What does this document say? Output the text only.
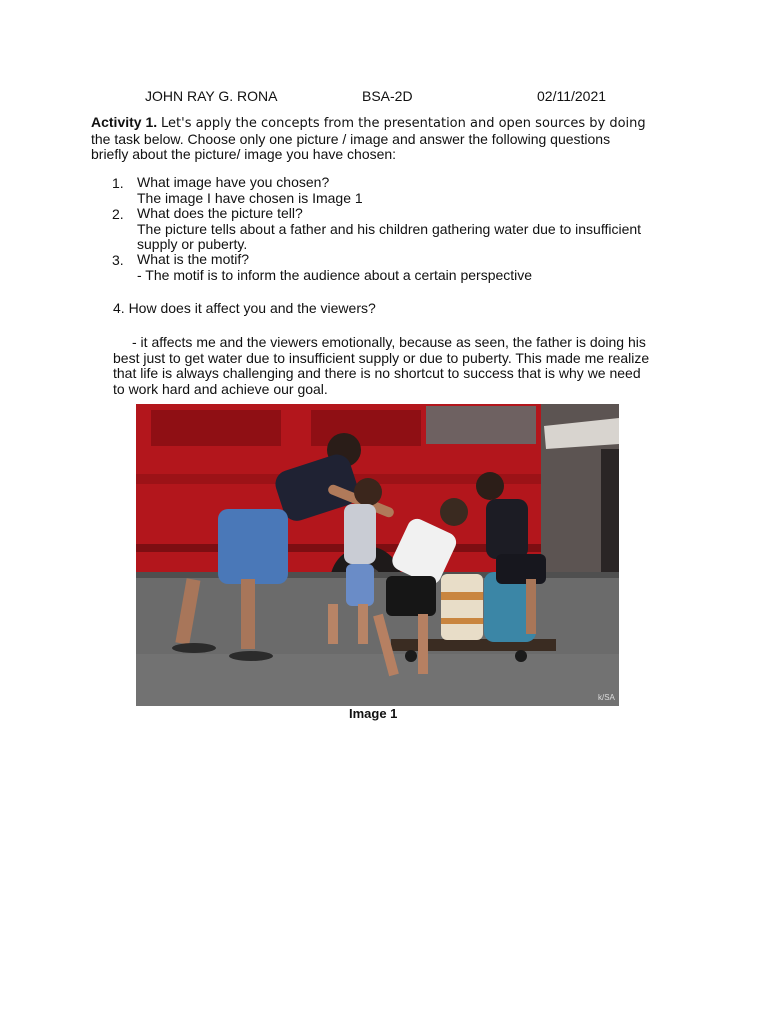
JOHN RAY G. RONA	BSA-2D	02/11/2021
Activity 1. Let's apply the concepts from the presentation and open sources by doing
the task below. Choose only one picture / image and answer the following questions
briefly about the picture/ image you have chosen:
1. What image have you chosen?
The image I have chosen is Image 1
2. What does the picture tell?
The picture tells about a father and his children gathering water due to insufficient
supply or puberty.
3. What is the motif?
- The motif is to inform the audience about a certain perspective
4. How does it affect you and the viewers?
- it affects me and the viewers emotionally, because as seen, the father is doing his
best just to get water due to insufficient supply or due to puberty. This made me realize
that life is always challenging and there is no shortcut to success that is why we need
to work hard and achieve our goal.
k/SA
Image 1
